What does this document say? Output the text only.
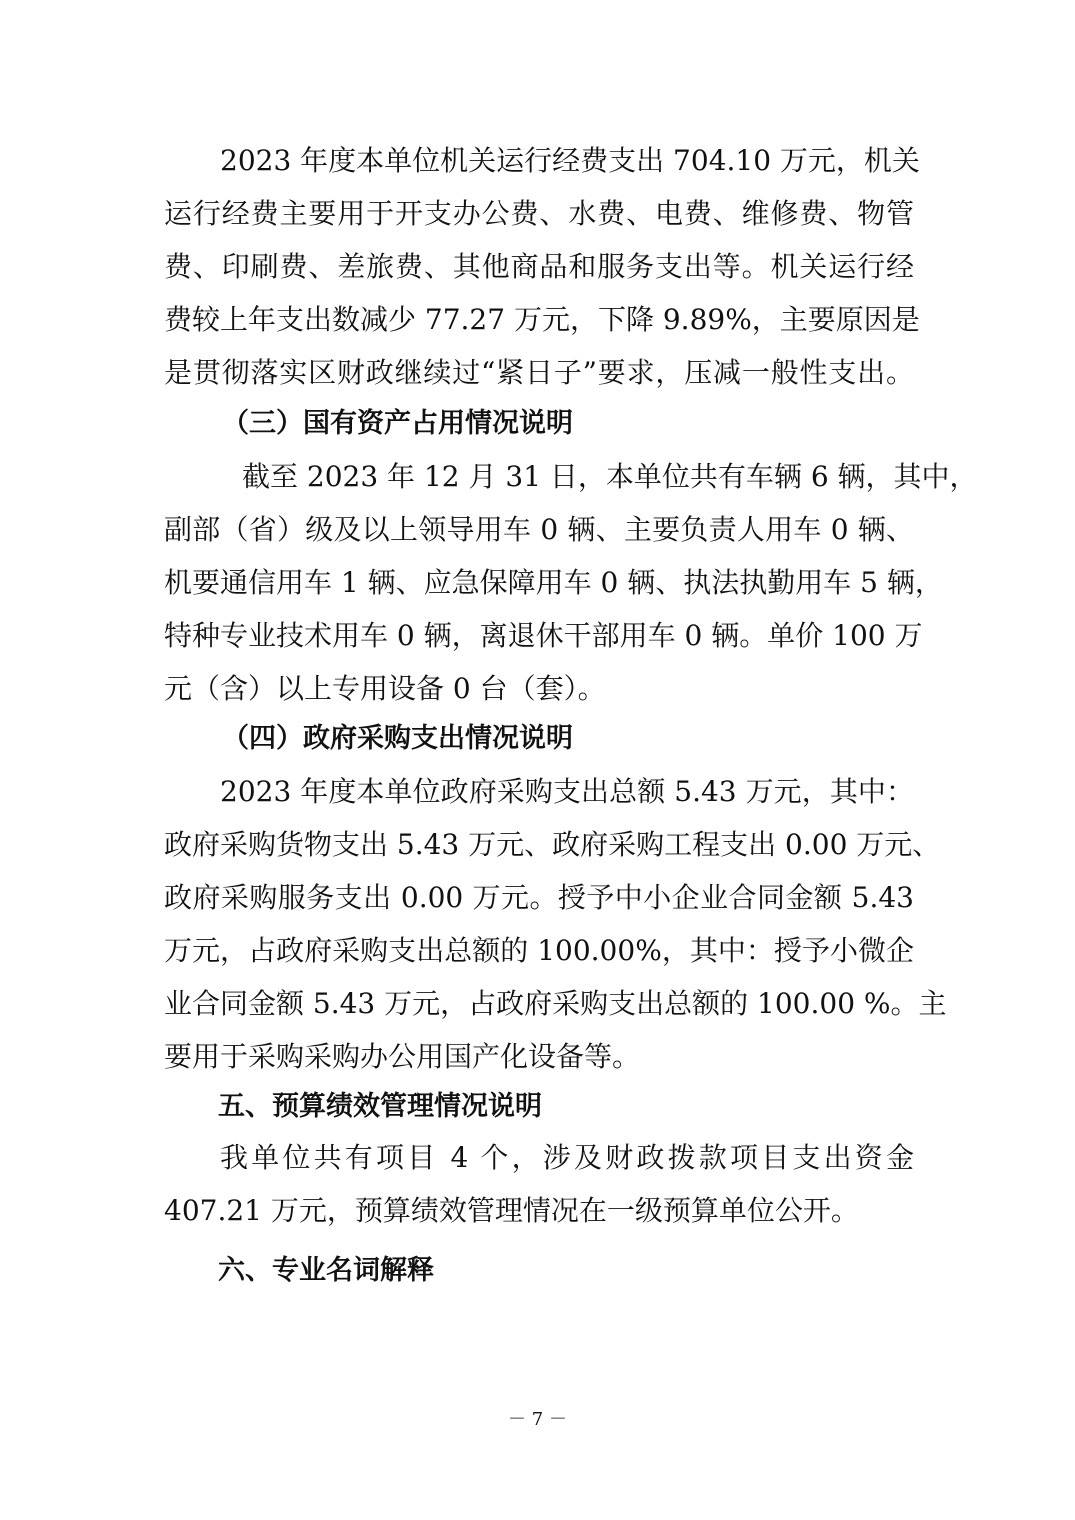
2023 年度本单位机关运行经费支出 704.10 万元，机关
运行经费主要用于开支办公费、水费、电费、维修费、物管
费、印刷费、差旅费、其他商品和服务支出等。机关运行经
费较上年支出数减少 77.27 万元，下降 9.89%，主要原因是
是贯彻落实区财政继续过“紧日子”要求，压减一般性支出。
（三）国有资产占用情况说明
截至 2023 年 12 月 31 日，本单位共有车辆 6 辆，其中，
副部（省）级及以上领导用车 0 辆、主要负责人用车 0 辆、
机要通信用车 1 辆、应急保障用车 0 辆、执法执勤用车 5 辆，
特种专业技术用车 0 辆，离退休干部用车 0 辆。单价 100 万
元（含）以上专用设备 0 台（套）。
（四）政府采购支出情况说明
2023 年度本单位政府采购支出总额 5.43 万元，其中：
政府采购货物支出 5.43 万元、政府采购工程支出 0.00 万元、
政府采购服务支出 0.00 万元。授予中小企业合同金额 5.43
万元，占政府采购支出总额的 100.00%，其中：授予小微企
业合同金额 5.43 万元，占政府采购支出总额的 100.00 %。主
要用于采购采购办公用国产化设备等。
五、预算绩效管理情况说明
我单位共有项目 4 个，涉及财政拨款项目支出资金
407.21 万元，预算绩效管理情况在一级预算单位公开。
六、专业名词解释
－ 7 －
